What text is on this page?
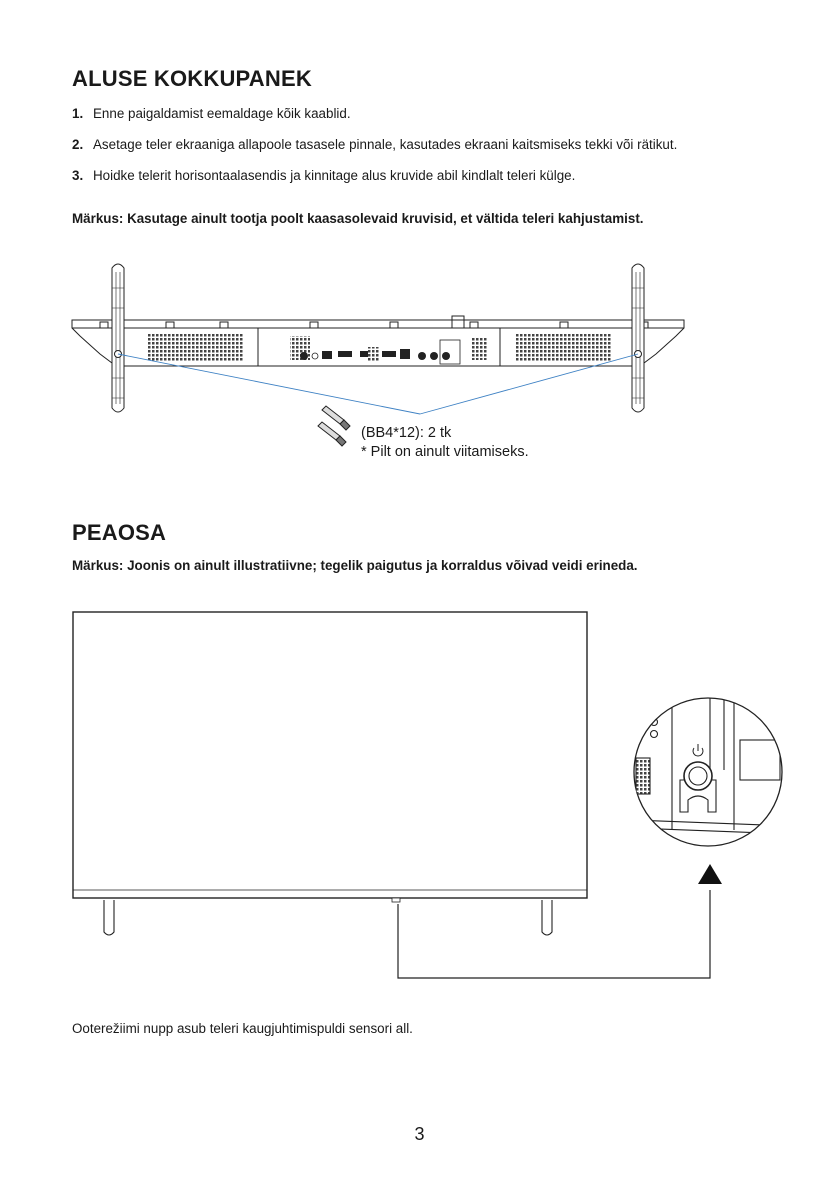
ALUSE KOKKUPANEK
1. Enne paigaldamist eemaldage kõik kaablid.
2. Asetage teler ekraaniga allapoole tasasele pinnale, kasutades ekraani kaitsmiseks tekki või rätikut.
3. Hoidke telerit horisontaalasendis ja kinnitage alus kruvide abil kindlalt teleri külge.
Märkus: Kasutage ainult tootja poolt kaasasolevaid kruvisid, et vältida teleri kahjustamist.
(BB4*12): 2 tk
* Pilt on ainult viitamiseks.
PEAOSA
Märkus: Joonis on ainult illustratiivne; tegelik paigutus ja korraldus võivad veidi erineda.
Ooterežiimi nupp asub teleri kaugjuhtimispuldi sensori all.
3
